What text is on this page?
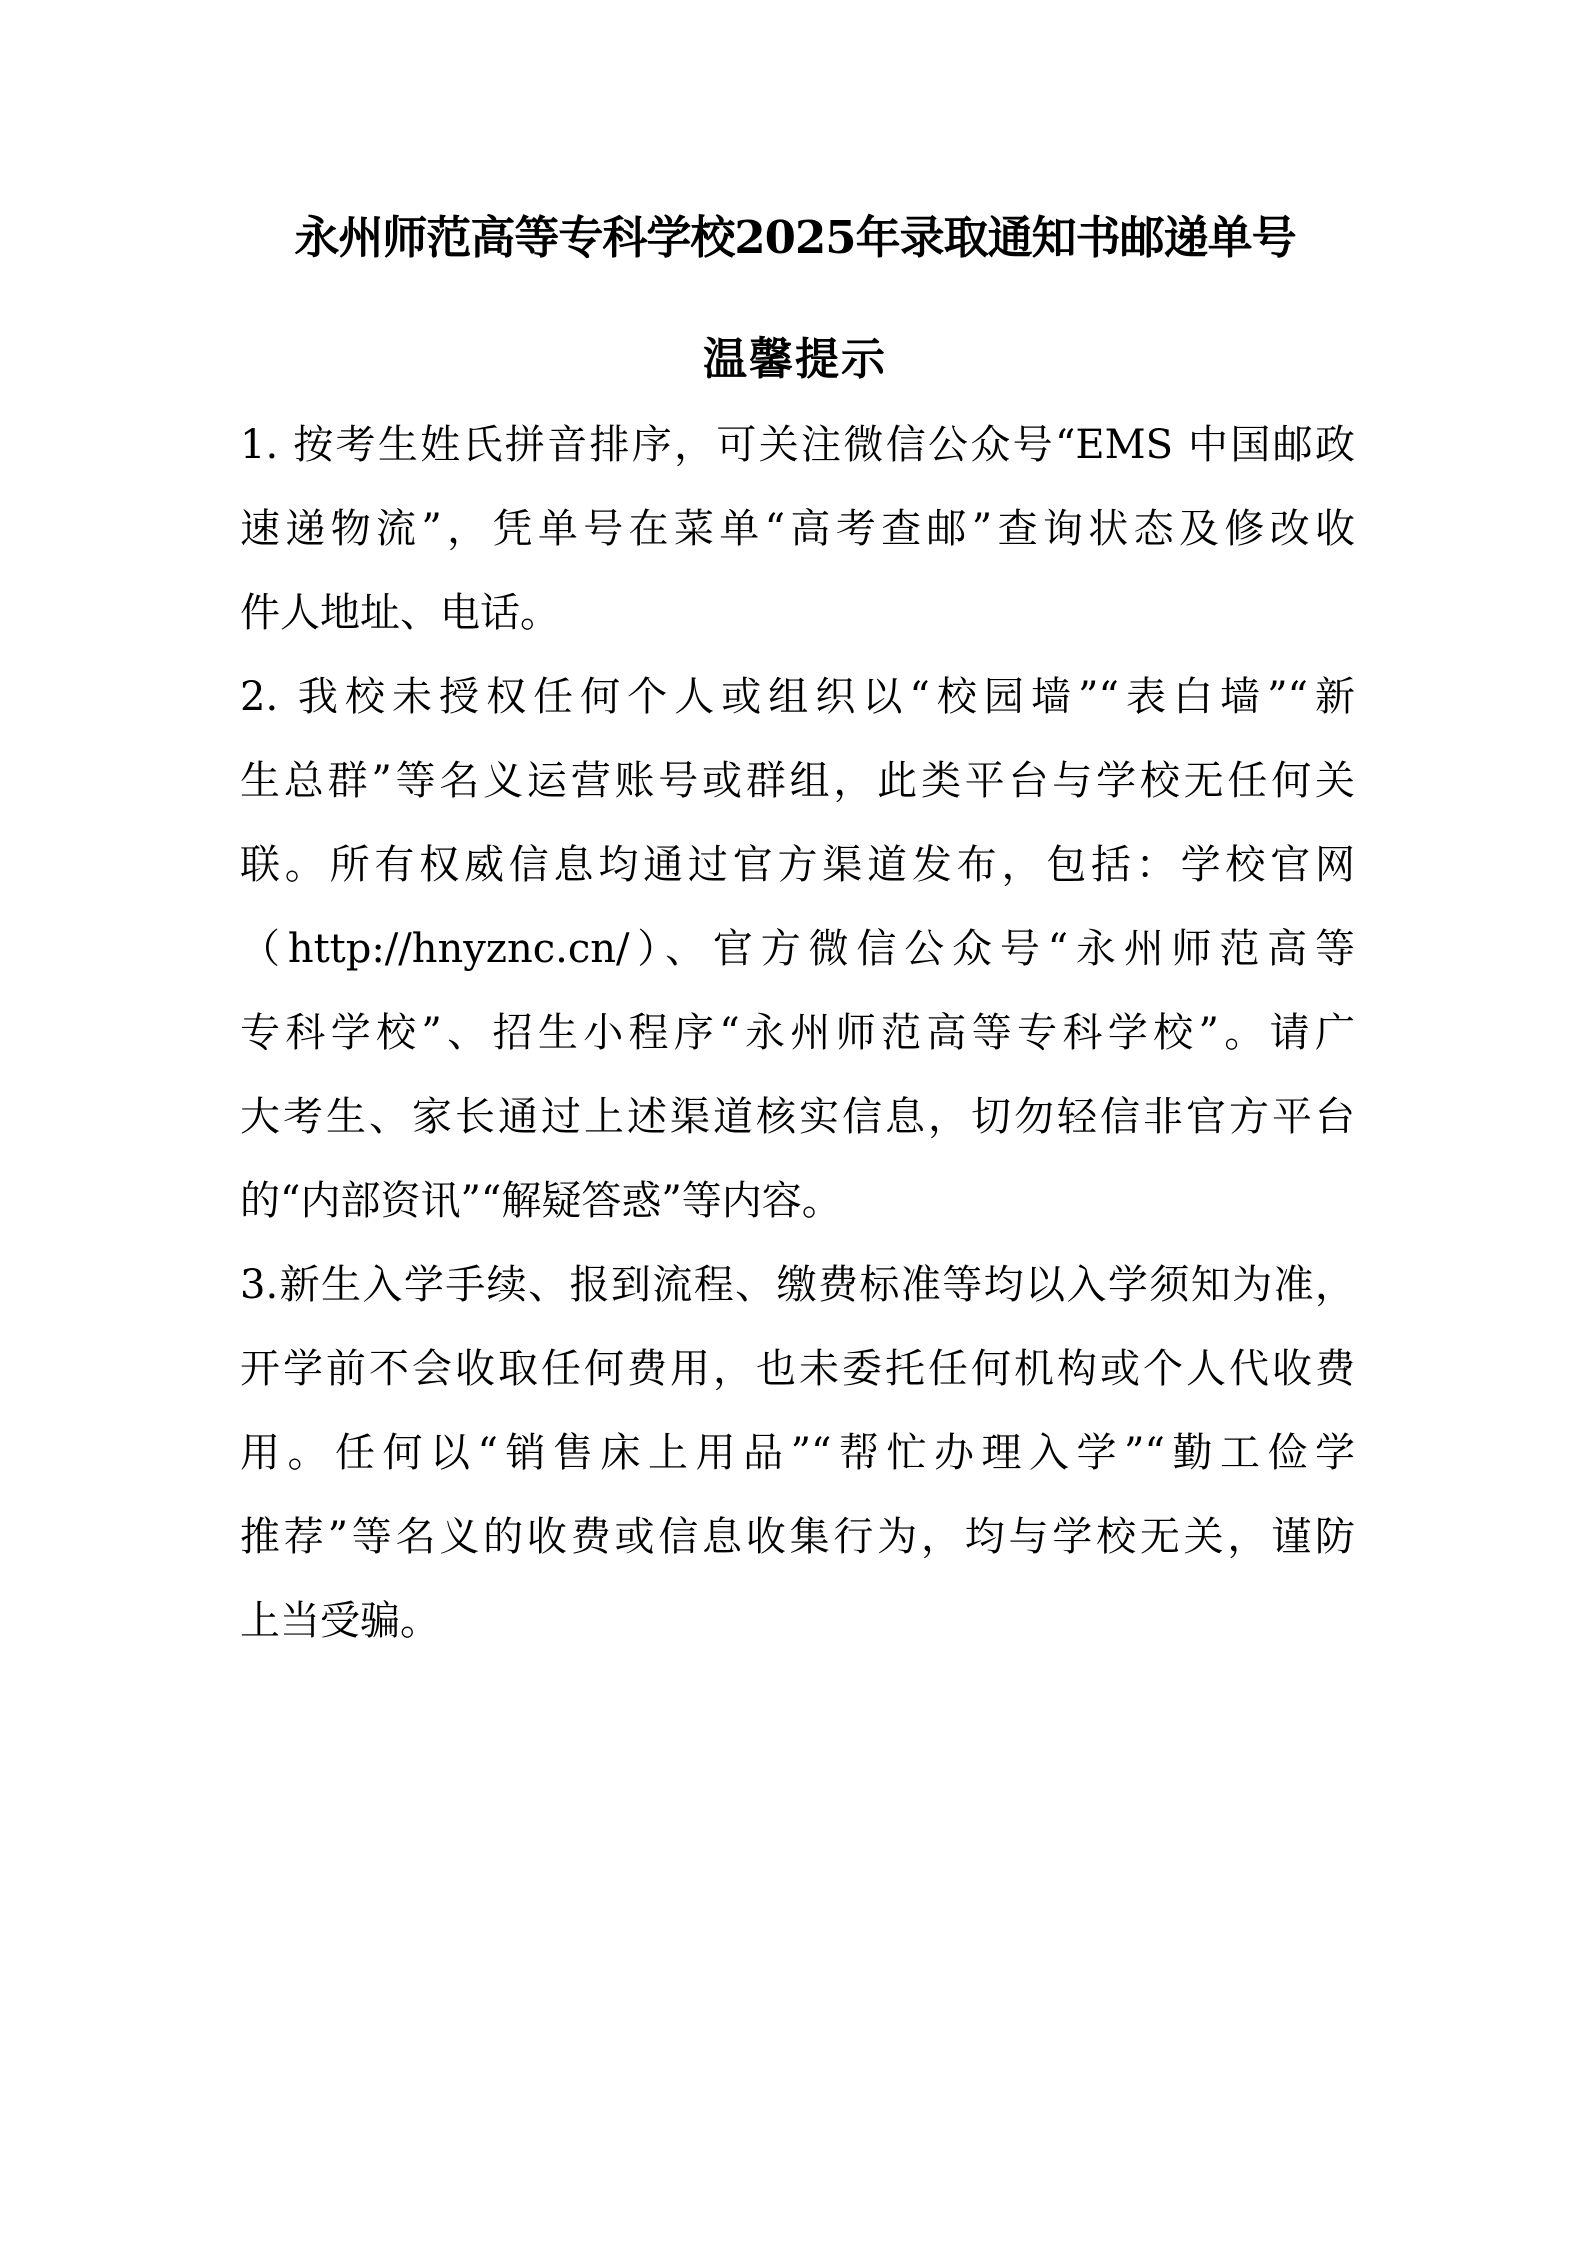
永州师范高等专科学校2025年录取通知书邮递单号
温馨提示
1. 按考生姓氏拼音排序，可关注微信公众号“EMS 中国邮政
速递物流”，凭单号在菜单“高考查邮”查询状态及修改收
件人地址、电话。
2. 我校未授权任何个人或组织以“校园墙”“表白墙”“新
生总群”等名义运营账号或群组，此类平台与学校无任何关
联。所有权威信息均通过官方渠道发布，包括：学校官网
（http://hnyznc.cn/）、官方微信公众号“永州师范高等
专科学校”、招生小程序“永州师范高等专科学校”。请广
大考生、家长通过上述渠道核实信息，切勿轻信非官方平台
的“内部资讯”“解疑答惑”等内容。
3.新生入学手续、报到流程、缴费标准等均以入学须知为准，
开学前不会收取任何费用，也未委托任何机构或个人代收费
用。任何以“销售床上用品”“帮忙办理入学”“勤工俭学
推荐”等名义的收费或信息收集行为，均与学校无关，谨防
上当受骗。
